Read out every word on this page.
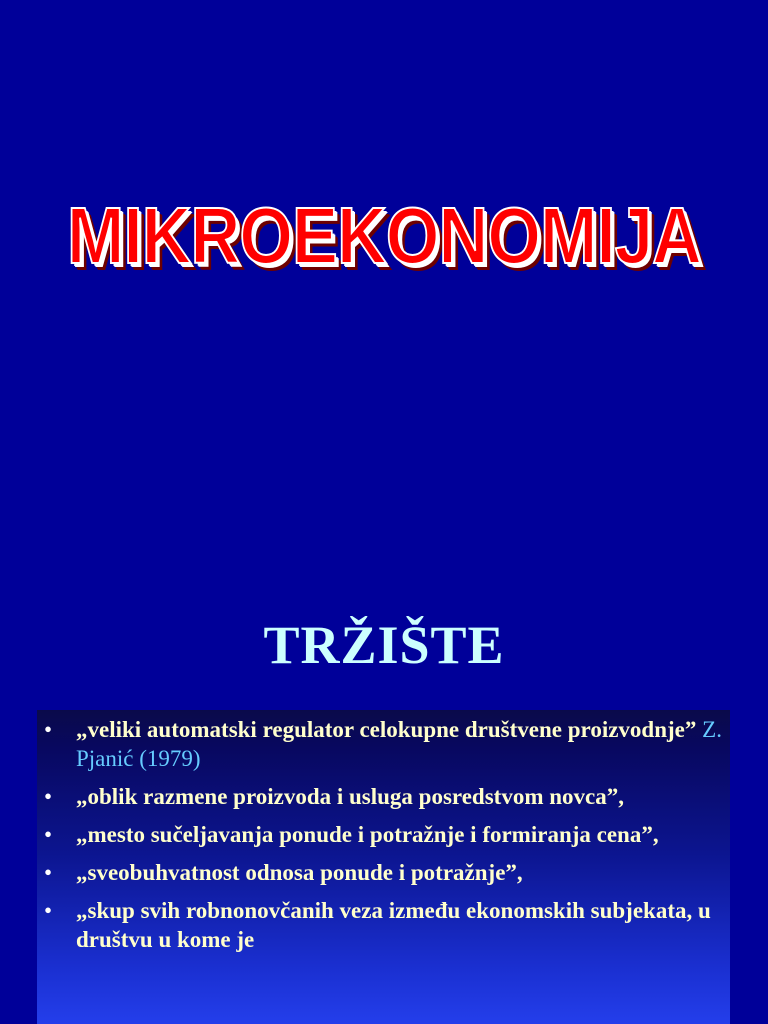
MIKROEKONOMIJA
TRŽIŠTE
•	„veliki automatski regulator celokupne društvene proizvodnje” Z. Pjanić (1979)
•	„oblik razmene proizvoda i usluga posredstvom novca”,
•	„mesto sučeljavanja ponude i potražnje i formiranja cena”,
•	„sveobuhvatnost odnosa ponude i potražnje”,
•	„skup svih robnonovčanih veza između ekonomskih subjekata, u društvu u kome je
